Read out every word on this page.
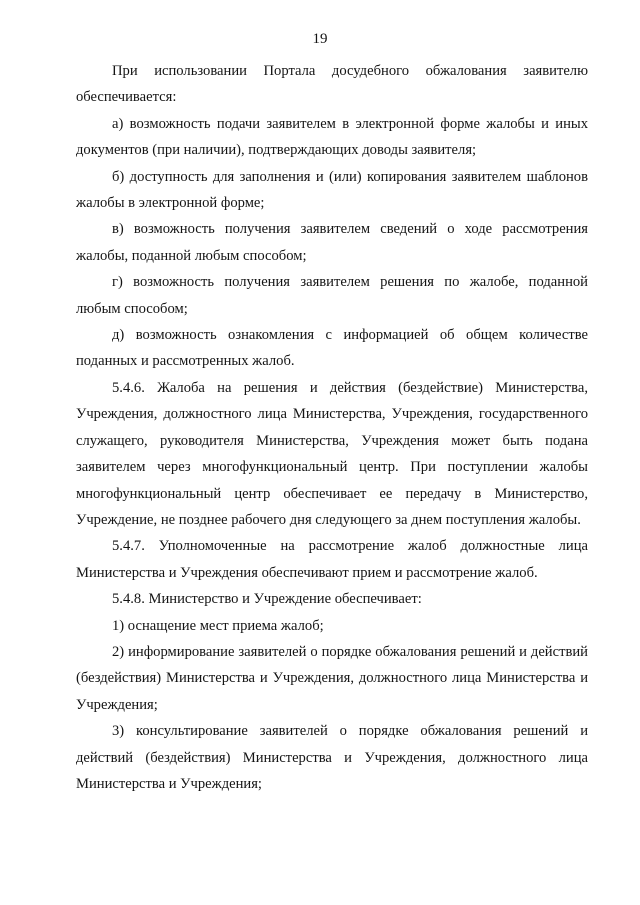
19

При использовании Портала досудебного обжалования заявителю обеспечивается:

а) возможность подачи заявителем в электронной форме жалобы и иных документов (при наличии), подтверждающих доводы заявителя;

б) доступность для заполнения и (или) копирования заявителем шаблонов жалобы в электронной форме;

в) возможность получения заявителем сведений о ходе рассмотрения жалобы, поданной любым способом;

г) возможность получения заявителем решения по жалобе, поданной любым способом;

д) возможность ознакомления с информацией об общем количестве поданных и рассмотренных жалоб.

5.4.6. Жалоба на решения и действия (бездействие) Министерства, Учреждения, должностного лица Министерства, Учреждения, государственного служащего, руководителя Министерства, Учреждения может быть подана заявителем через многофункциональный центр. При поступлении жалобы многофункциональный центр обеспечивает ее передачу в Министерство, Учреждение, не позднее рабочего дня следующего за днем поступления жалобы.

5.4.7. Уполномоченные на рассмотрение жалоб должностные лица Министерства и Учреждения обеспечивают прием и рассмотрение жалоб.

5.4.8. Министерство и Учреждение обеспечивает:

1) оснащение мест приема жалоб;

2) информирование заявителей о порядке обжалования решений и действий (бездействия) Министерства и Учреждения, должностного лица Министерства и Учреждения;

3) консультирование заявителей о порядке обжалования решений и действий (бездействия) Министерства и Учреждения, должностного лица Министерства и Учреждения;
